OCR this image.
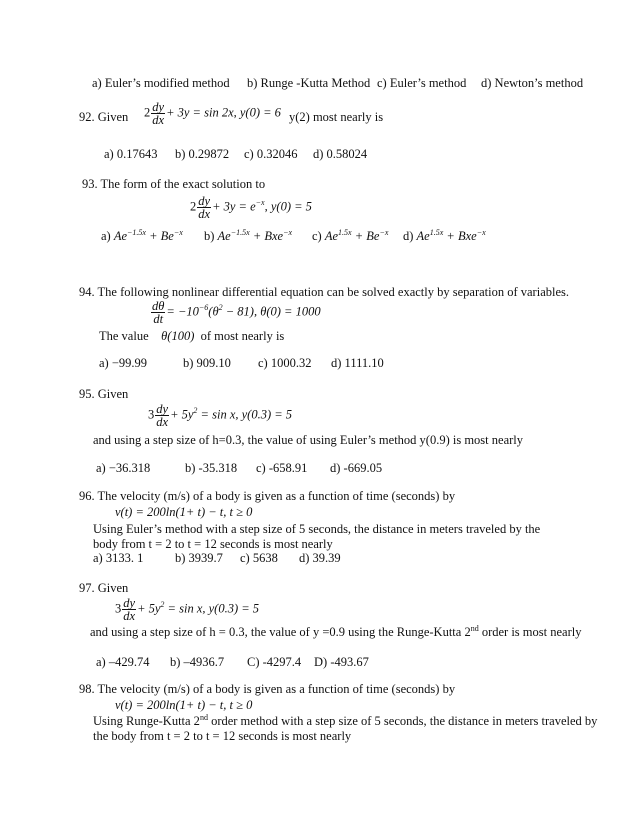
a) Euler’s modified method b) Runge -Kutta Method c) Euler’s method d) Newton’s method
92. Given $2 \frac{dy}{dx} + 3y = \sin 2x$, y(0) = 6 y(2) most nearly is
a) 0.17643 b) 0.29872 c) 0.32046 d) 0.58024
93. The form of the exact solution to
$2 \frac{dy}{dx} + 3y = e^{-x}$, y(0) = 5
a) $Ae^{-1.5x} + Be^{-x}$ b) $Ae^{-1.5x} + Bxe^{-x}$ c) $Ae^{1.5x} + Be^{-x}$ d) $Ae^{1.5x} + Bxe^{-x}$
94. The following nonlinear differential equation can be solved exactly by separation of variables.
$\frac{d\theta}{dt} = -10^{-6}(\theta^2 - 81)$, θ(0) = 1000
The value θ(100) of most nearly is
a) −99.99	b) 909.10 c) 1000.32 d) 1111.10
95. Given
$3 \frac{dy}{dx} + 5y^2 = \sin x$, y(0.3) = 5
and using a step size of h=0.3, the value of using Euler’s method y(0.9) is most nearly
a) −36.318	b) -35.318 c) -658.91 d) -669.05
96. The velocity (m/s) of a body is given as a function of time (seconds) by
v(t) = 200ln(1+ t) − t, t ≥ 0
Using Euler’s method with a step size of 5 seconds, the distance in meters traveled by the
body from t = 2 to t = 12 seconds is most nearly
a) 3133. 1	b) 3939.7 c) 5638 d) 39.39
97. Given
$3 \frac{dy}{dx} + 5y^2 = \sin x$, y(0.3) = 5
and using a step size of h = 0.3, the value of y =0.9 using the Runge-Kutta 2nd order is most nearly
a) –429.74 b) –4936.7 C) -4297.4 D) -493.67
98. The velocity (m/s) of a body is given as a function of time (seconds) by
v(t) = 200ln(1+ t) − t, t ≥ 0
Using Runge-Kutta 2nd order method with a step size of 5 seconds, the distance in meters traveled by
the body from t = 2 to t = 12 seconds is most nearly
